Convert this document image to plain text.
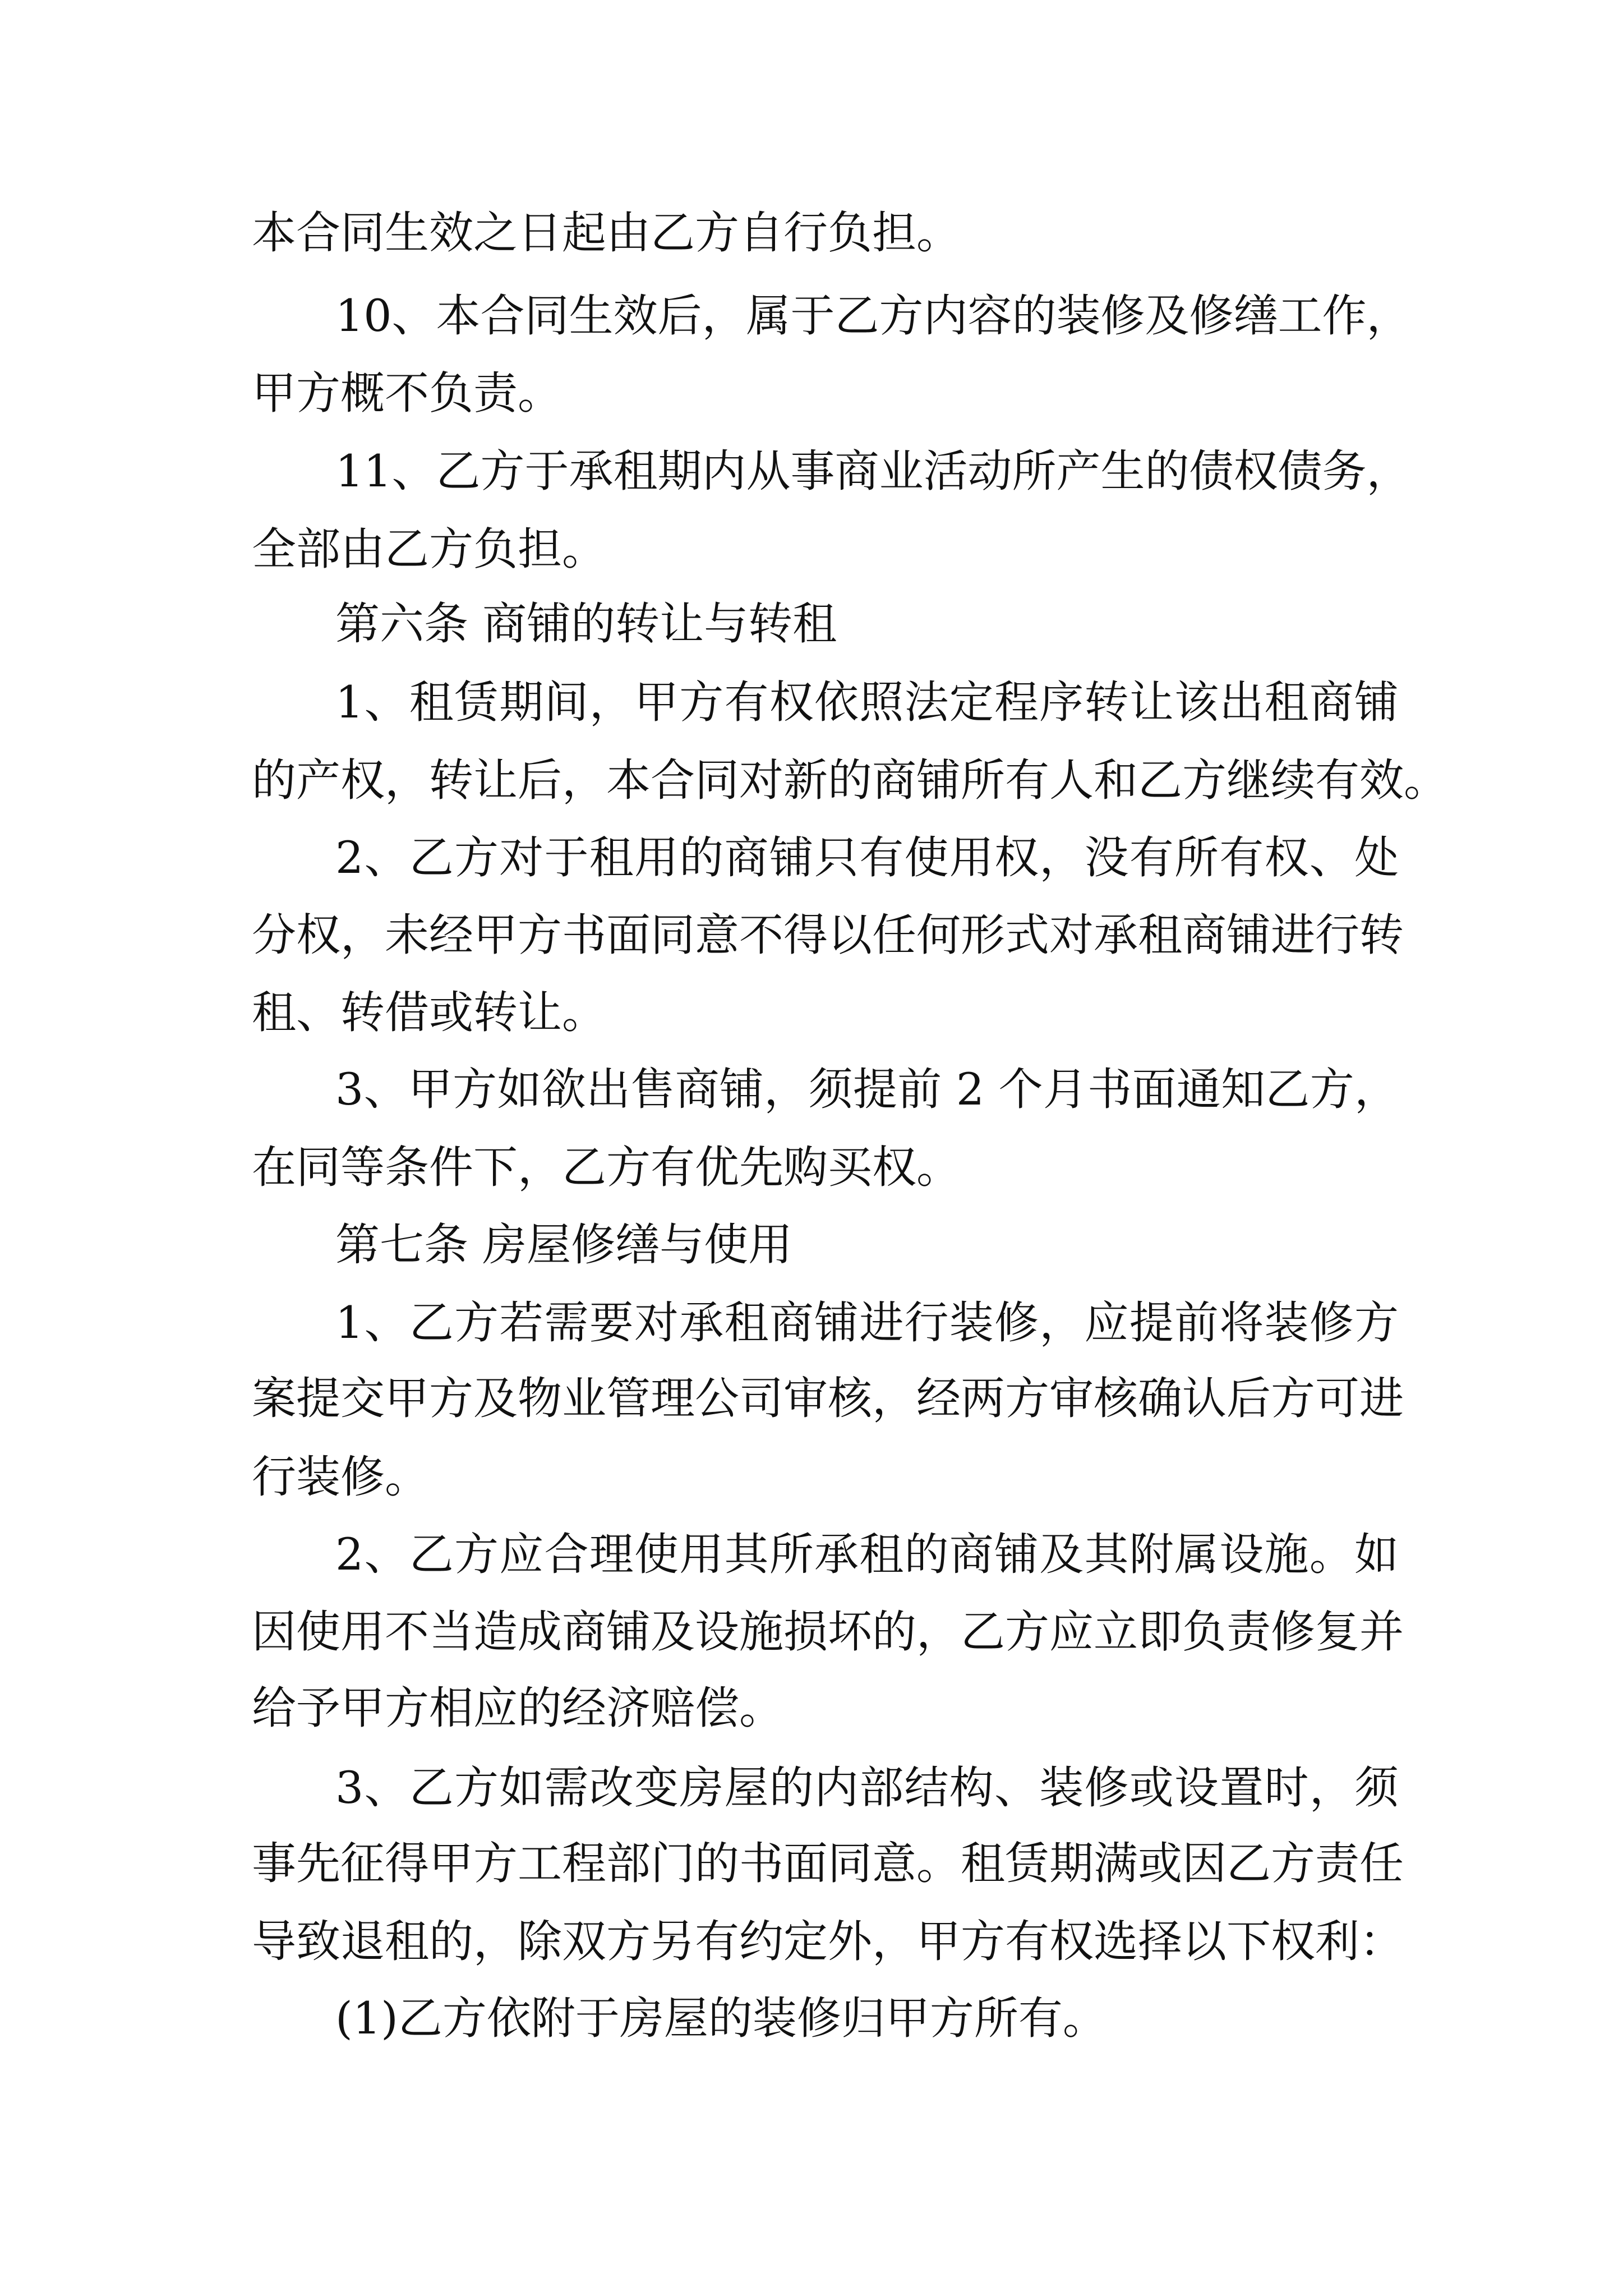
本合同生效之日起由乙方自行负担。
10、本合同生效后，属于乙方内容的装修及修缮工作，
甲方概不负责。
11、乙方于承租期内从事商业活动所产生的债权债务，
全部由乙方负担。
第六条 商铺的转让与转租
1、租赁期间，甲方有权依照法定程序转让该出租商铺
的产权，转让后，本合同对新的商铺所有人和乙方继续有效。
2、乙方对于租用的商铺只有使用权，没有所有权、处
分权，未经甲方书面同意不得以任何形式对承租商铺进行转
租、转借或转让。
3、甲方如欲出售商铺，须提前 2 个月书面通知乙方，
在同等条件下，乙方有优先购买权。
第七条 房屋修缮与使用
1、乙方若需要对承租商铺进行装修，应提前将装修方
案提交甲方及物业管理公司审核，经两方审核确认后方可进
行装修。
2、乙方应合理使用其所承租的商铺及其附属设施。如
因使用不当造成商铺及设施损坏的，乙方应立即负责修复并
给予甲方相应的经济赔偿。
3、乙方如需改变房屋的内部结构、装修或设置时，须
事先征得甲方工程部门的书面同意。租赁期满或因乙方责任
导致退租的，除双方另有约定外，甲方有权选择以下权利：
(1)乙方依附于房屋的装修归甲方所有。
